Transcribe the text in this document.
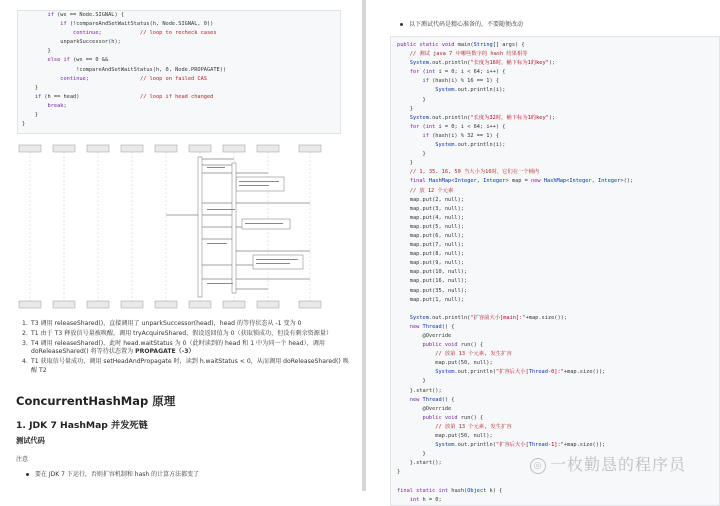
if (ws == Node.SIGNAL) {
if (!compareAndSetWaitStatus(h, Node.SIGNAL, 0))
continue;            // loop to recheck cases
unparkSuccessor(h);
}
else if (ws == 0 &&
!compareAndSetWaitStatus(h, 0, Node.PROPAGATE))
continue;                // loop on failed CAS
}
if (h == head)                   // loop if head changed
break;
}
}
1. T3 调用 releaseShared()，直接调用了 unparkSuccessor(head)，head 的等待状态从 -1 变为 0
2. T1 由于 T3 释放信号量被唤醒，调用 tryAcquireShared，假设返回值为 0（获取锁成功，但没有剩余资源量）
3. T4 调用 releaseShared()，此时 head.waitStatus 为 0（此时读到的 head 和 1 中为同一个 head），调用 doReleaseShared() 将等待状态置为 PROPAGATE（-3）
4. T1 获取信号量成功，调用 setHeadAndPropagate 时，读到 h.waitStatus < 0，从而调用 doReleaseShared() 唤醒 T2
ConcurrentHashMap 原理
1. JDK 7 HashMap 并发死链
测试代码
注意
要在 JDK 7 下运行，否则扩容机制和 hash 的计算方法都变了
以下测试代码是精心准备的，不要随便改动
public static void main(String[] args) {
// 测试 java 7 中哪些数字的 hash 结果相等
System.out.println("长度为16时，桶下标为1的key");
for (int i = 0; i < 64; i++) {
if (hash(i) % 16 == 1) {
System.out.println(i);
}
}
System.out.println("长度为32时，桶下标为1的key");
for (int i = 0; i < 64; i++) {
if (hash(i) % 32 == 1) {
System.out.println(i);
}
}
// 1, 35, 16, 50 当大小为16时，它们在一个桶内
final HashMap<Integer, Integer> map = new HashMap<Integer, Integer>();
// 放 12 个元素
map.put(2, null);
map.put(3, null);
map.put(4, null);
map.put(5, null);
map.put(6, null);
map.put(7, null);
map.put(8, null);
map.put(9, null);
map.put(10, null);
map.put(16, null);
map.put(35, null);
map.put(1, null);

System.out.println("扩容前大小[main]:"+map.size());
new Thread() {
@Override
public void run() {
// 放第 13 个元素, 发生扩容
map.put(50, null);
System.out.println("扩容后大小[Thread-0]:"+map.size());
}
}.start();
new Thread() {
@Override
public void run() {
// 放第 13 个元素, 发生扩容
map.put(50, null);
System.out.println("扩容后大小[Thread-1]:"+map.size());
}
}.start();
}

final static int hash(Object k) {
int h = 0;
◎ 一枚勤恳的程序员
